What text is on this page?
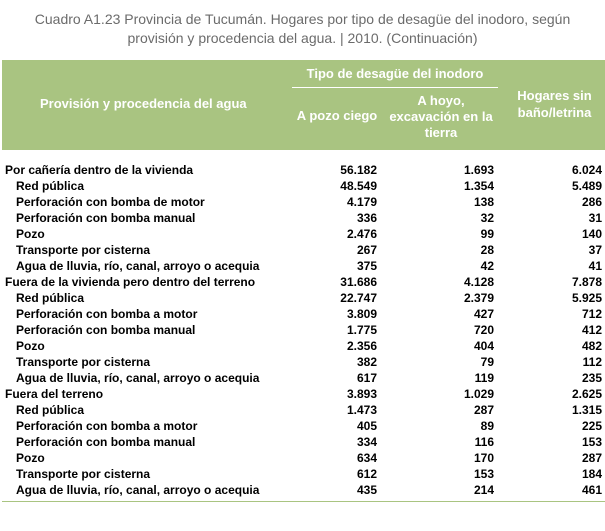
Cuadro A1.23 Provincia de Tucumán. Hogares por tipo de desagüe del inodoro, según
provisión y procedencia del agua. | 2010. (Continuación)
Provisión y procedencia del agua
Tipo de desagüe del inodoro
A pozo ciego
A hoyo, excavación en la tierra
Hogares sin baño/letrina
Por cañería dentro de la vivienda	56.182	1.693	6.024
Red pública	48.549	1.354	5.489
Perforación con bomba de motor	4.179	138	286
Perforación con bomba manual	336	32	31
Pozo	2.476	99	140
Transporte por cisterna	267	28	37
Agua de lluvia, río, canal, arroyo o acequia	375	42	41
Fuera de la vivienda pero dentro del terreno	31.686	4.128	7.878
Red pública	22.747	2.379	5.925
Perforación con bomba a motor	3.809	427	712
Perforación con bomba manual	1.775	720	412
Pozo	2.356	404	482
Transporte por cisterna	382	79	112
Agua de lluvia, río, canal, arroyo o acequia	617	119	235
Fuera del terreno	3.893	1.029	2.625
Red pública	1.473	287	1.315
Perforación con bomba a motor	405	89	225
Perforación con bomba manual	334	116	153
Pozo	634	170	287
Transporte por cisterna	612	153	184
Agua de lluvia, río, canal, arroyo o acequia	435	214	461
